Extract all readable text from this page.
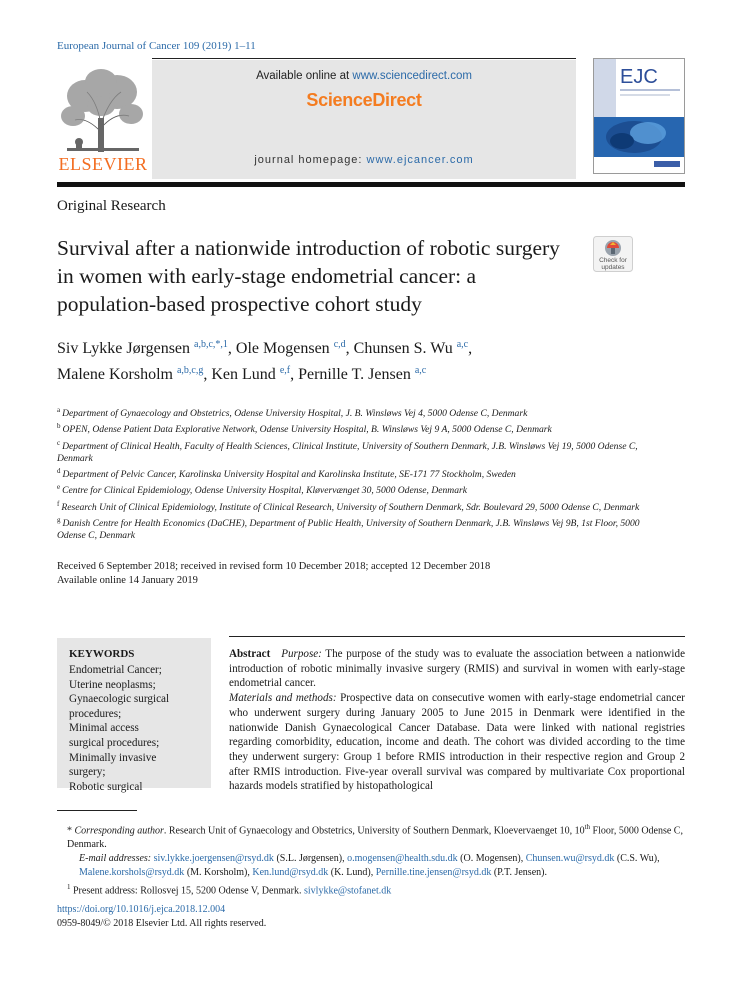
European Journal of Cancer 109 (2019) 1–11
Available online at www.sciencedirect.com
ScienceDirect
journal homepage: www.ejcancer.com
ELSEVIER
EJC
Original Research
Survival after a nationwide introduction of robotic surgery in women with early-stage endometrial cancer: a population-based prospective cohort study
Check for updates
Siv Lykke Jørgensen $^{a,b,c,*,1}$, Ole Mogensen $^{c,d}$, Chunsen S. Wu $^{a,c}$,
Malene Korsholm $^{a,b,c,g}$, Ken Lund $^{e,f}$, Pernille T. Jensen $^{a,c}$
$^a$ Department of Gynaecology and Obstetrics, Odense University Hospital, J. B. Winsløws Vej 4, 5000 Odense C, Denmark
$^b$ OPEN, Odense Patient Data Explorative Network, Odense University Hospital, B. Winsløws Vej 9 A, 5000 Odense C, Denmark
$^c$ Department of Clinical Health, Faculty of Health Sciences, Clinical Institute, University of Southern Denmark, J.B. Winsløws Vej 19, 5000 Odense C, Denmark
$^d$ Department of Pelvic Cancer, Karolinska University Hospital and Karolinska Institute, SE-171 77 Stockholm, Sweden
$^e$ Centre for Clinical Epidemiology, Odense University Hospital, Kløvervænget 30, 5000 Odense, Denmark
$^f$ Research Unit of Clinical Epidemiology, Institute of Clinical Research, University of Southern Denmark, Sdr. Boulevard 29, 5000 Odense C, Denmark
$^g$ Danish Centre for Health Economics (DaCHE), Department of Public Health, University of Southern Denmark, J.B. Winsløws Vej 9B, 1st Floor, 5000 Odense C, Denmark
Received 6 September 2018; received in revised form 10 December 2018; accepted 12 December 2018
Available online 14 January 2019
KEYWORDS
Endometrial Cancer;
Uterine neoplasms;
Gynaecologic surgical
procedures;
Minimal access
surgical procedures;
Minimally invasive
surgery;
Robotic surgical
Abstract Purpose: The purpose of the study was to evaluate the association between a nationwide introduction of robotic minimally invasive surgery (RMIS) and survival in women with early-stage endometrial cancer.
Materials and methods: Prospective data on consecutive women with early-stage endometrial cancer who underwent surgery during January 2005 to June 2015 in Denmark were identified in the nationwide Danish Gynaecological Cancer Database. Data were linked with national registries regarding comorbidity, education, income and death. The cohort was divided according to the time they underwent surgery: Group 1 before RMIS introduction in their respective region and Group 2 after RMIS introduction. Five-year overall survival was compared by multivariate Cox proportional hazards models stratified by histopathological
* Corresponding author. Research Unit of Gynaecology and Obstetrics, University of Southern Denmark, Kloevervaenget 10, 10th Floor, 5000 Odense C, Denmark.
E-mail addresses: siv.lykke.joergensen@rsyd.dk (S.L. Jørgensen), o.mogensen@health.sdu.dk (O. Mogensen), Chunsen.wu@rsyd.dk (C.S. Wu), Malene.korshols@rsyd.dk (M. Korsholm), Ken.lund@rsyd.dk (K. Lund), Pernille.tine.jensen@rsyd.dk (P.T. Jensen).
$^1$ Present address: Rollosvej 15, 5200 Odense V, Denmark. sivlykke@stofanet.dk
https://doi.org/10.1016/j.ejca.2018.12.004
0959-8049/© 2018 Elsevier Ltd. All rights reserved.
